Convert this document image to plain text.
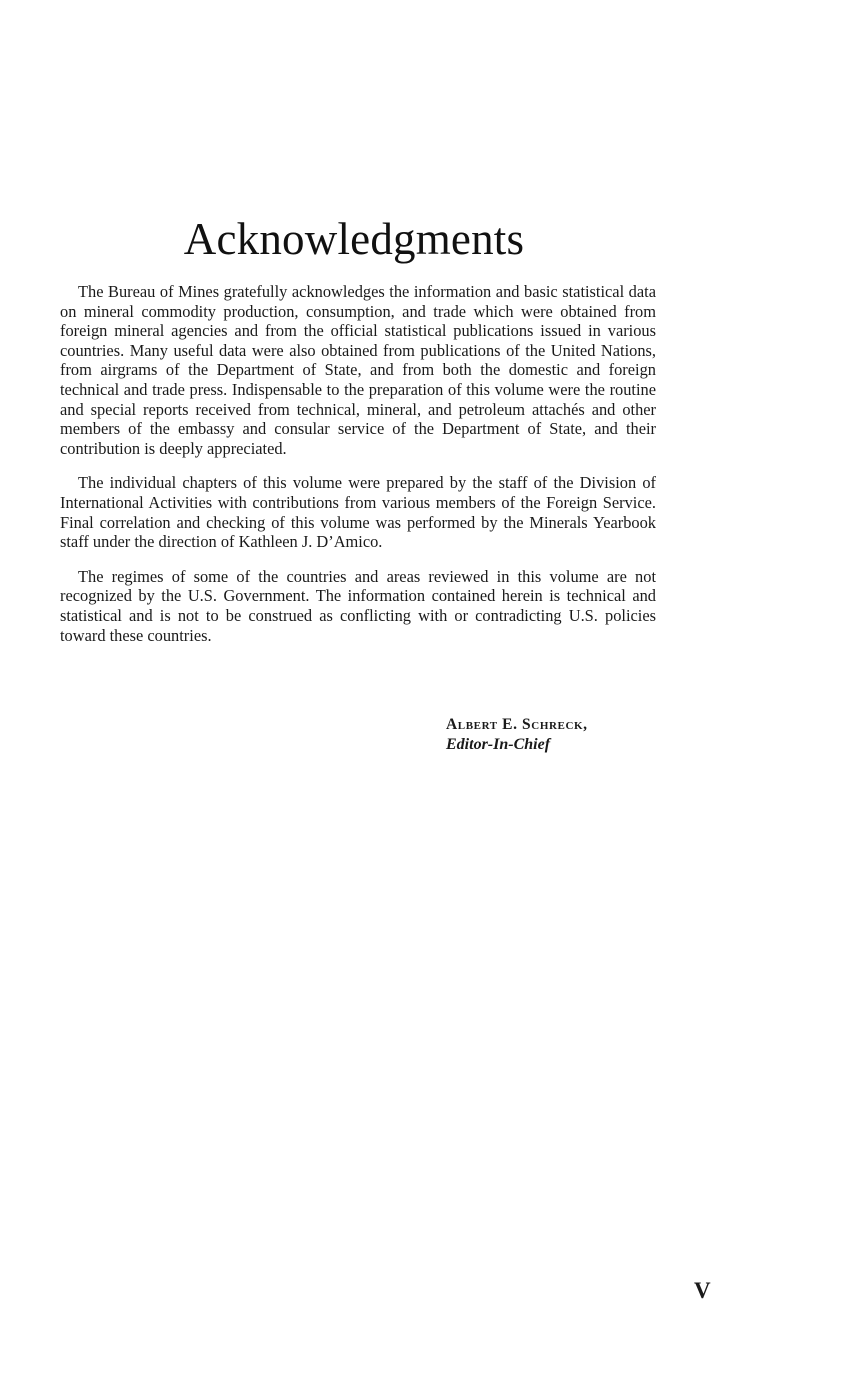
Acknowledgments

The Bureau of Mines gratefully acknowledges the information and basic statistical data on mineral commodity production, consumption, and trade which were obtained from foreign mineral agencies and from the official statistical publications issued in various countries. Many useful data were also obtained from publications of the United Nations, from airgrams of the Department of State, and from both the domestic and foreign technical and trade press. Indispensable to the preparation of this volume were the routine and special reports received from technical, mineral, and petroleum attachés and other members of the embassy and consular service of the Department of State, and their contribution is deeply appreciated.

The individual chapters of this volume were prepared by the staff of the Division of International Activities with contributions from various members of the Foreign Service. Final correlation and checking of this volume was performed by the Minerals Yearbook staff under the direction of Kathleen J. D’Amico.

The regimes of some of the countries and areas reviewed in this volume are not recognized by the U.S. Government. The information contained herein is technical and statistical and is not to be construed as conflicting with or contradicting U.S. policies toward these countries.

Albert E. Schreck,
Editor-In-Chief
V
